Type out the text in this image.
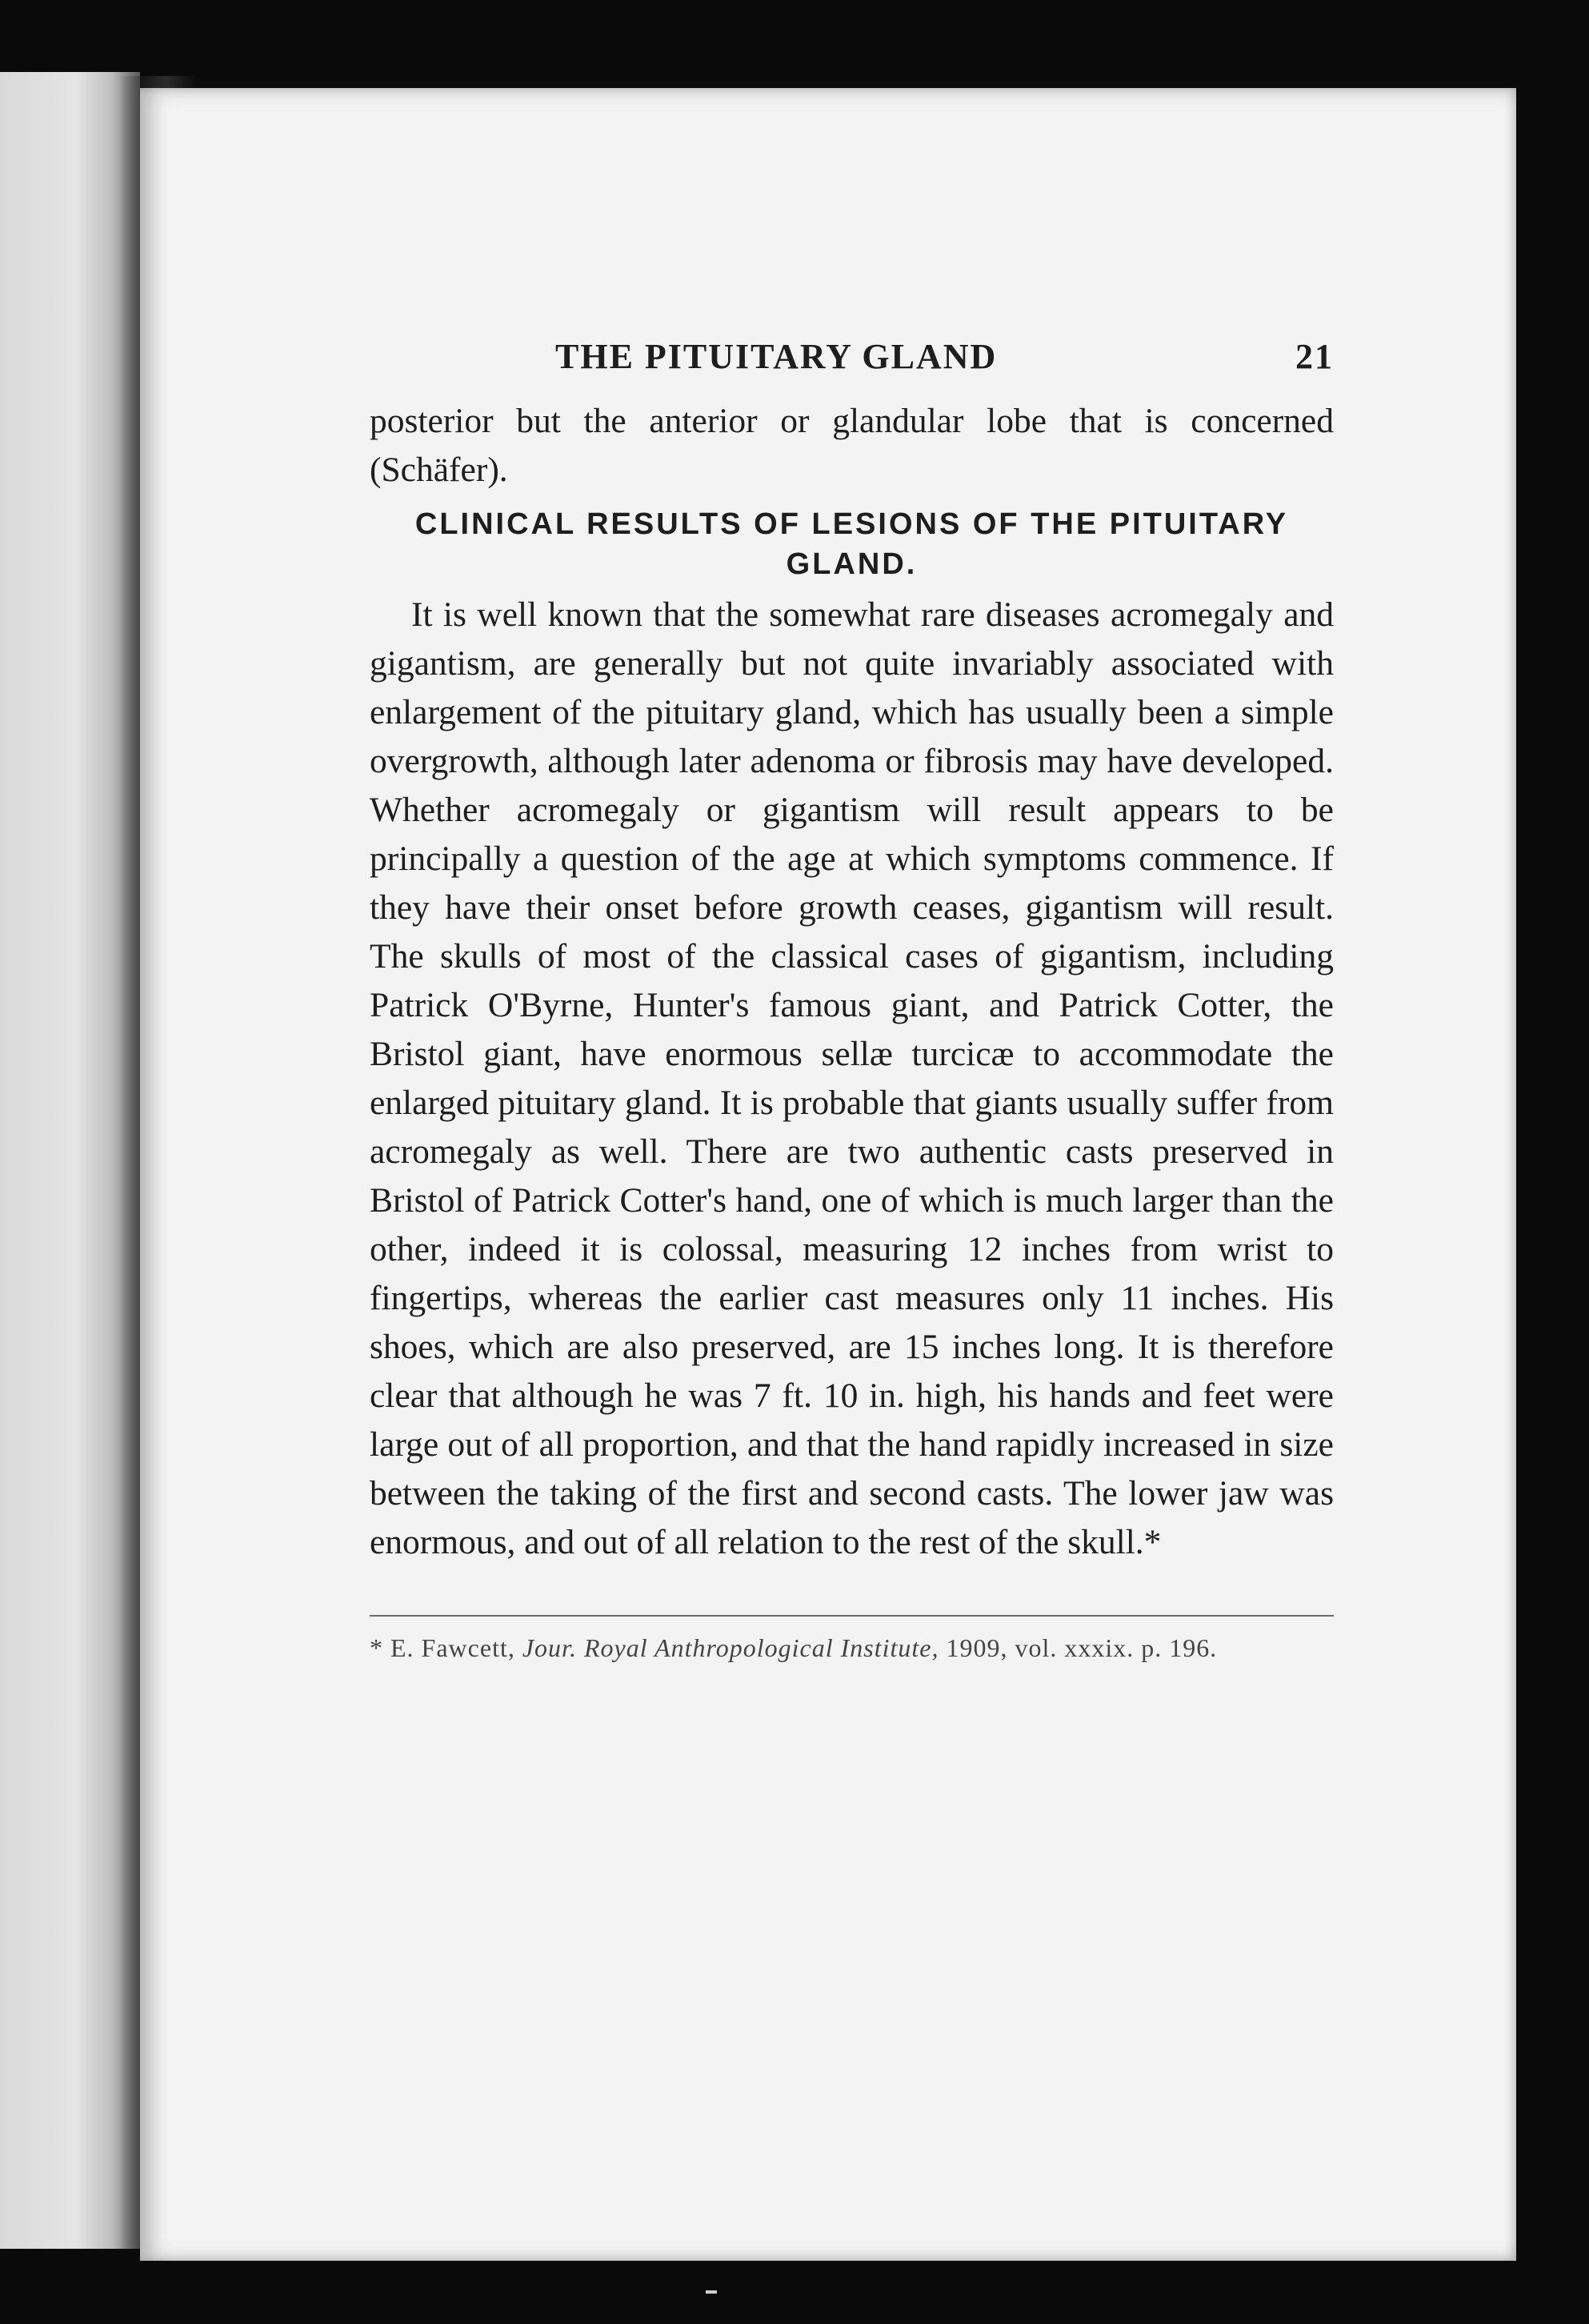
THE PITUITARY GLAND	21

posterior but the anterior or glandular lobe that is concerned (Schäfer).

CLINICAL RESULTS OF LESIONS OF THE PITUITARY GLAND.

It is well known that the somewhat rare diseases acromegaly and gigantism, are generally but not quite invariably associated with enlargement of the pituitary gland, which has usually been a simple overgrowth, although later adenoma or fibrosis may have developed. Whether acromegaly or gigantism will result appears to be principally a question of the age at which symptoms commence. If they have their onset before growth ceases, gigantism will result. The skulls of most of the classical cases of gigantism, including Patrick O'Byrne, Hunter's famous giant, and Patrick Cotter, the Bristol giant, have enormous sellæ turcicæ to accommodate the enlarged pituitary gland. It is probable that giants usually suffer from acromegaly as well. There are two authentic casts preserved in Bristol of Patrick Cotter's hand, one of which is much larger than the other, indeed it is colossal, measuring 12 inches from wrist to fingertips, whereas the earlier cast measures only 11 inches. His shoes, which are also preserved, are 15 inches long. It is therefore clear that although he was 7 ft. 10 in. high, his hands and feet were large out of all proportion, and that the hand rapidly increased in size between the taking of the first and second casts. The lower jaw was enormous, and out of all relation to the rest of the skull.*

* E. Fawcett, Jour. Royal Anthropological Institute, 1909, vol. xxxix. p. 196.
